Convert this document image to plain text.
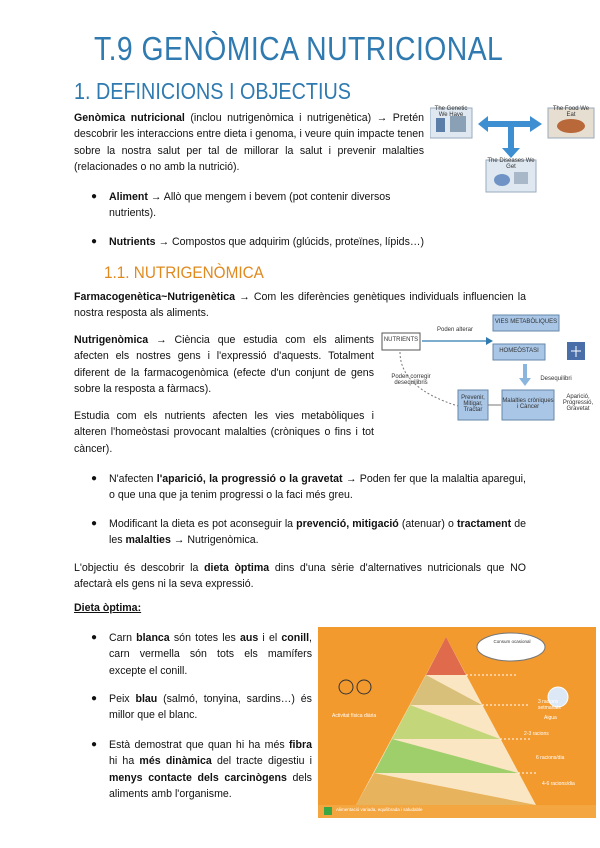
T.9 GENÒMICA NUTRICIONAL
1. DEFINICIONS I OBJECTIUS
Genòmica nutricional (inclou nutrigenòmica i nutrigenètica) → Pretén descobrir les interaccions entre dieta i genoma, i veure quin impacte tenen sobre la nostra salut per tal de millorar la salut i prevenir malalties (relacionades o no amb la nutrició).
The Genetic We Have
The Food We Eat
The Diseases We Get
● Aliment → Allò que mengem i bevem (pot contenir diversos nutrients).
● Nutrients → Compostos que adquirim (glúcids, proteïnes, lípids…)
1.1. NUTRIGENÒMICA
Farmacogenètica~Nutrigenètica → Com les diferències genètiques individuals influencien la nostra resposta als aliments.
Nutrigenòmica → Ciència que estudia com els aliments afecten els nostres gens i l'expressió d'aquests. Totalment diferent de la farmacogenòmica (efecte d'un conjunt de gens sobre la resposta a fàrmacs).
Estudia com els nutrients afecten les vies metabòliques i alteren l'homeòstasi provocant malalties (cròniques o fins i tot càncer).
NUTRIENTS
Poden alterar
VIES METABÒLIQUES
HOMEÒSTASI
Poden corregir desequilibris
Desequilibri
Prevenir, Mitigar, Tractar
Malalties cròniques i Càncer
Aparició, Progressió, Gravetat
● N'afecten l'aparició, la progressió o la gravetat → Poden fer que la malaltia aparegui, o que una que ja tenim progressi o la faci més greu.
● Modificant la dieta es pot aconseguir la prevenció, mitigació (atenuar) o tractament de les malalties → Nutrigenòmica.
L'objectiu és descobrir la dieta òptima dins d'una sèrie d'alternatives nutricionals que NO afectarà els gens ni la seva expressió.
Dieta òptima:
● Carn blanca són totes les aus i el conill, carn vermella són tots els mamífers excepte el conill.
● Peix blau (salmó, tonyina, sardins…) és millor que el blanc.
● Està demostrat que quan hi ha més fibra hi ha més dinàmica del tracte digestiu i menys contacte dels carcinògens dels aliments amb l'organisme.
Consum ocasional
3 racions setmanals
2-3 racions
6 racions/dia
4-6 racions/dia
Activitat física diària	Aigua
Alimentació variada, equilibrada i saludable
